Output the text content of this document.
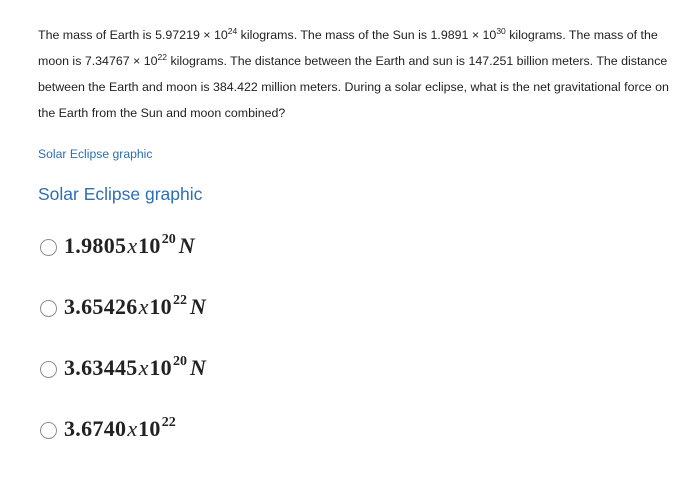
The mass of Earth is $5.97219 \times 10^{24}$ kilograms. The mass of the Sun is $1.9891 \times 10^{30}$ kilograms. The mass of the moon is $7.34767 \times 10^{22}$ kilograms. The distance between the Earth and sun is 147.251 billion meters. The distance between the Earth and moon is 384.422 million meters. During a solar eclipse, what is the net gravitational force on the Earth from the Sun and moon combined?
Solar Eclipse graphic
Solar Eclipse graphic
$1.9805x10^{20}$ N
$3.65426x10^{22}$ N
$3.63445x10^{20}$ N
$3.6740x10^{22}$
